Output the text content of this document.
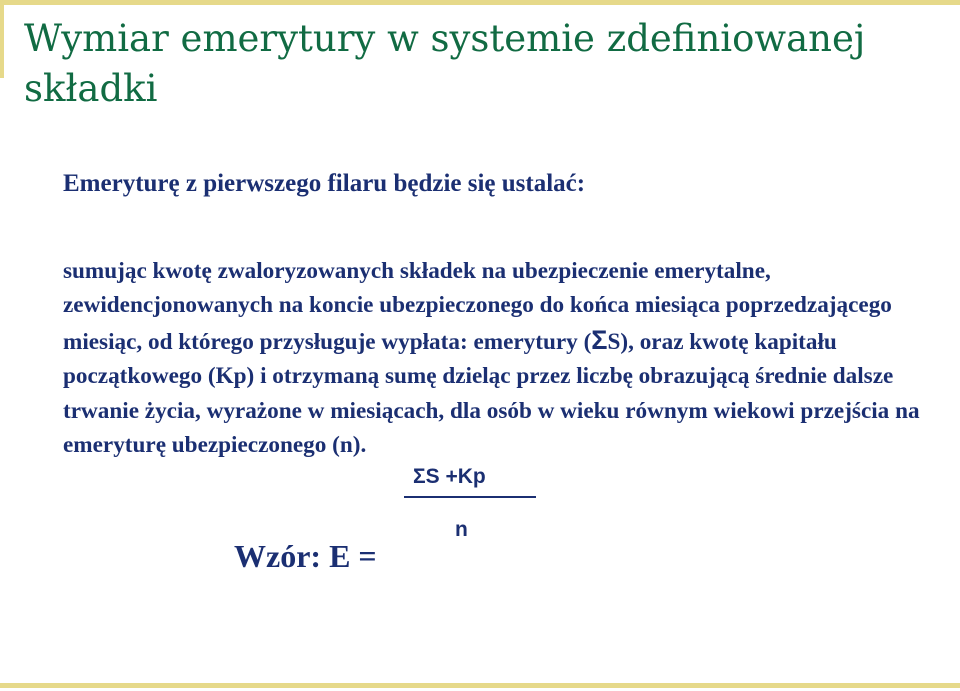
Wymiar emerytury w systemie zdefiniowanej składki

Emeryturę z pierwszego filaru będzie się ustalać:

sumując kwotę zwaloryzowanych składek na ubezpieczenie emerytalne, zewidencjonowanych na koncie ubezpieczonego do końca miesiąca poprzedzającego miesiąc, od którego przysługuje wypłata: emerytury (ΣS), oraz kwotę kapitału początkowego (Kp) i otrzymaną sumę dzieląc przez liczbę obrazującą średnie dalsze trwanie życia, wyrażone w miesiącach, dla osób w wieku równym wiekowi przejścia na emeryturę ubezpieczonego (n).

ΣS +Kp
n
Wzór: E =
